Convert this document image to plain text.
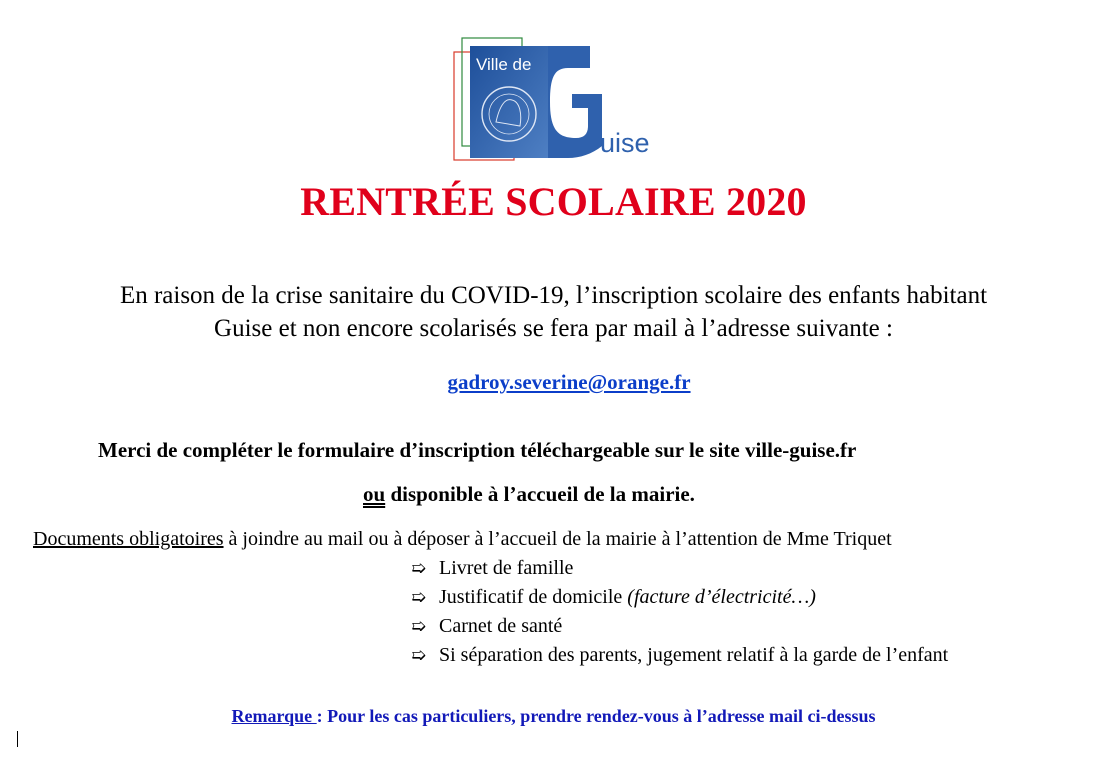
Ville de
uise
RENTRÉE SCOLAIRE 2020
En raison de la crise sanitaire du COVID-19, l’inscription scolaire des enfants habitant
Guise et non encore scolarisés se fera par mail à l’adresse suivante :
gadroy.severine@orange.fr
Merci de compléter le formulaire d’inscription téléchargeable sur le site ville-guise.fr
ou disponible à l’accueil de la mairie.
Documents obligatoires à joindre au mail ou à déposer à l’accueil de la mairie à l’attention de Mme Triquet
➯ Livret de famille
➯ Justificatif de domicile (facture d’électricité…)
➯ Carnet de santé
➯ Si séparation des parents, jugement relatif à la garde de l’enfant
Remarque : Pour les cas particuliers, prendre rendez-vous à l’adresse mail ci-dessus
